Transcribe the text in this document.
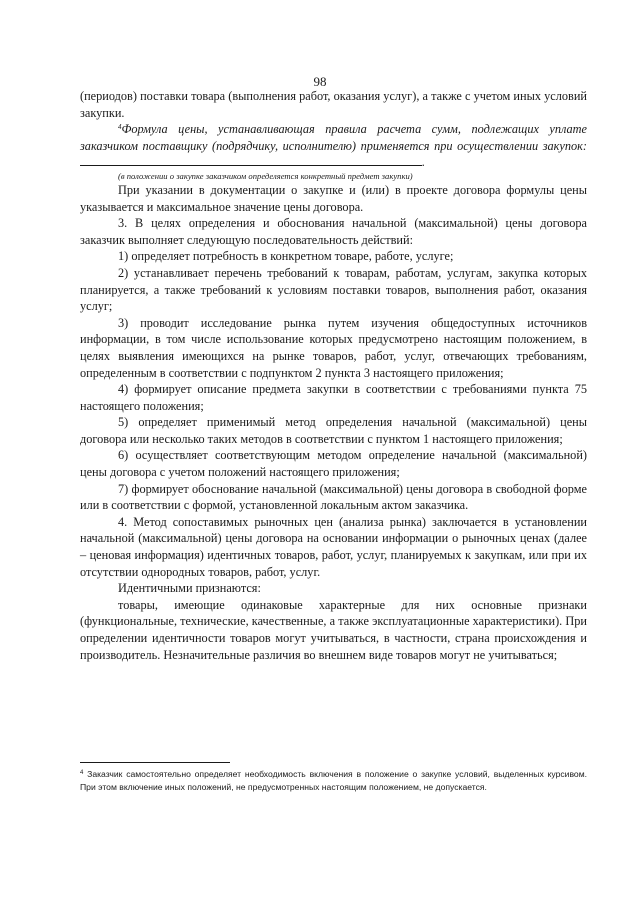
98

(периодов) поставки товара (выполнения работ, оказания услуг), а также с учетом иных условий закупки.

$^4$Формула цены, устанавливающая правила расчета сумм, подлежащих уплате заказчиком поставщику (подрядчику, исполнителю) применяется при осуществлении закупок: .

(в положении о закупке заказчиком определяется конкретный предмет закупки)

При указании в документации о закупке и (или) в проекте договора формулы цены указывается и максимальное значение цены договора.

3. В целях определения и обоснования начальной (максимальной) цены договора заказчик выполняет следующую последовательность действий:

1) определяет потребность в конкретном товаре, работе, услуге;

2) устанавливает перечень требований к товарам, работам, услугам, закупка которых планируется, а также требований к условиям поставки товаров, выполнения работ, оказания услуг;

3) проводит исследование рынка путем изучения общедоступных источников информации, в том числе использование которых предусмотрено настоящим положением, в целях выявления имеющихся на рынке товаров, работ, услуг, отвечающих требованиям, определенным в соответствии с подпунктом 2 пункта 3 настоящего приложения;

4) формирует описание предмета закупки в соответствии с требованиями пункта 75 настоящего положения;

5) определяет применимый метод определения начальной (максимальной) цены договора или несколько таких методов в соответствии с пунктом 1 настоящего приложения;

6) осуществляет соответствующим методом определение начальной (максимальной) цены договора с учетом положений настоящего приложения;

7) формирует обоснование начальной (максимальной) цены договора в свободной форме или в соответствии с формой, установленной локальным актом заказчика.

4. Метод сопоставимых рыночных цен (анализа рынка) заключается в установлении начальной (максимальной) цены договора на основании информации о рыночных ценах (далее – ценовая информация) идентичных товаров, работ, услуг, планируемых к закупкам, или при их отсутствии однородных товаров, работ, услуг.

Идентичными признаются:

товары, имеющие одинаковые характерные для них основные признаки (функциональные, технические, качественные, а также эксплуатационные характеристики). При определении идентичности товаров могут учитываться, в частности, страна происхождения и производитель. Незначительные различия во внешнем виде товаров могут не учитываться;

$^4$ Заказчик самостоятельно определяет необходимость включения в положение о закупке условий, выделенных курсивом. При этом включение иных положений, не предусмотренных настоящим положением, не допускается.
